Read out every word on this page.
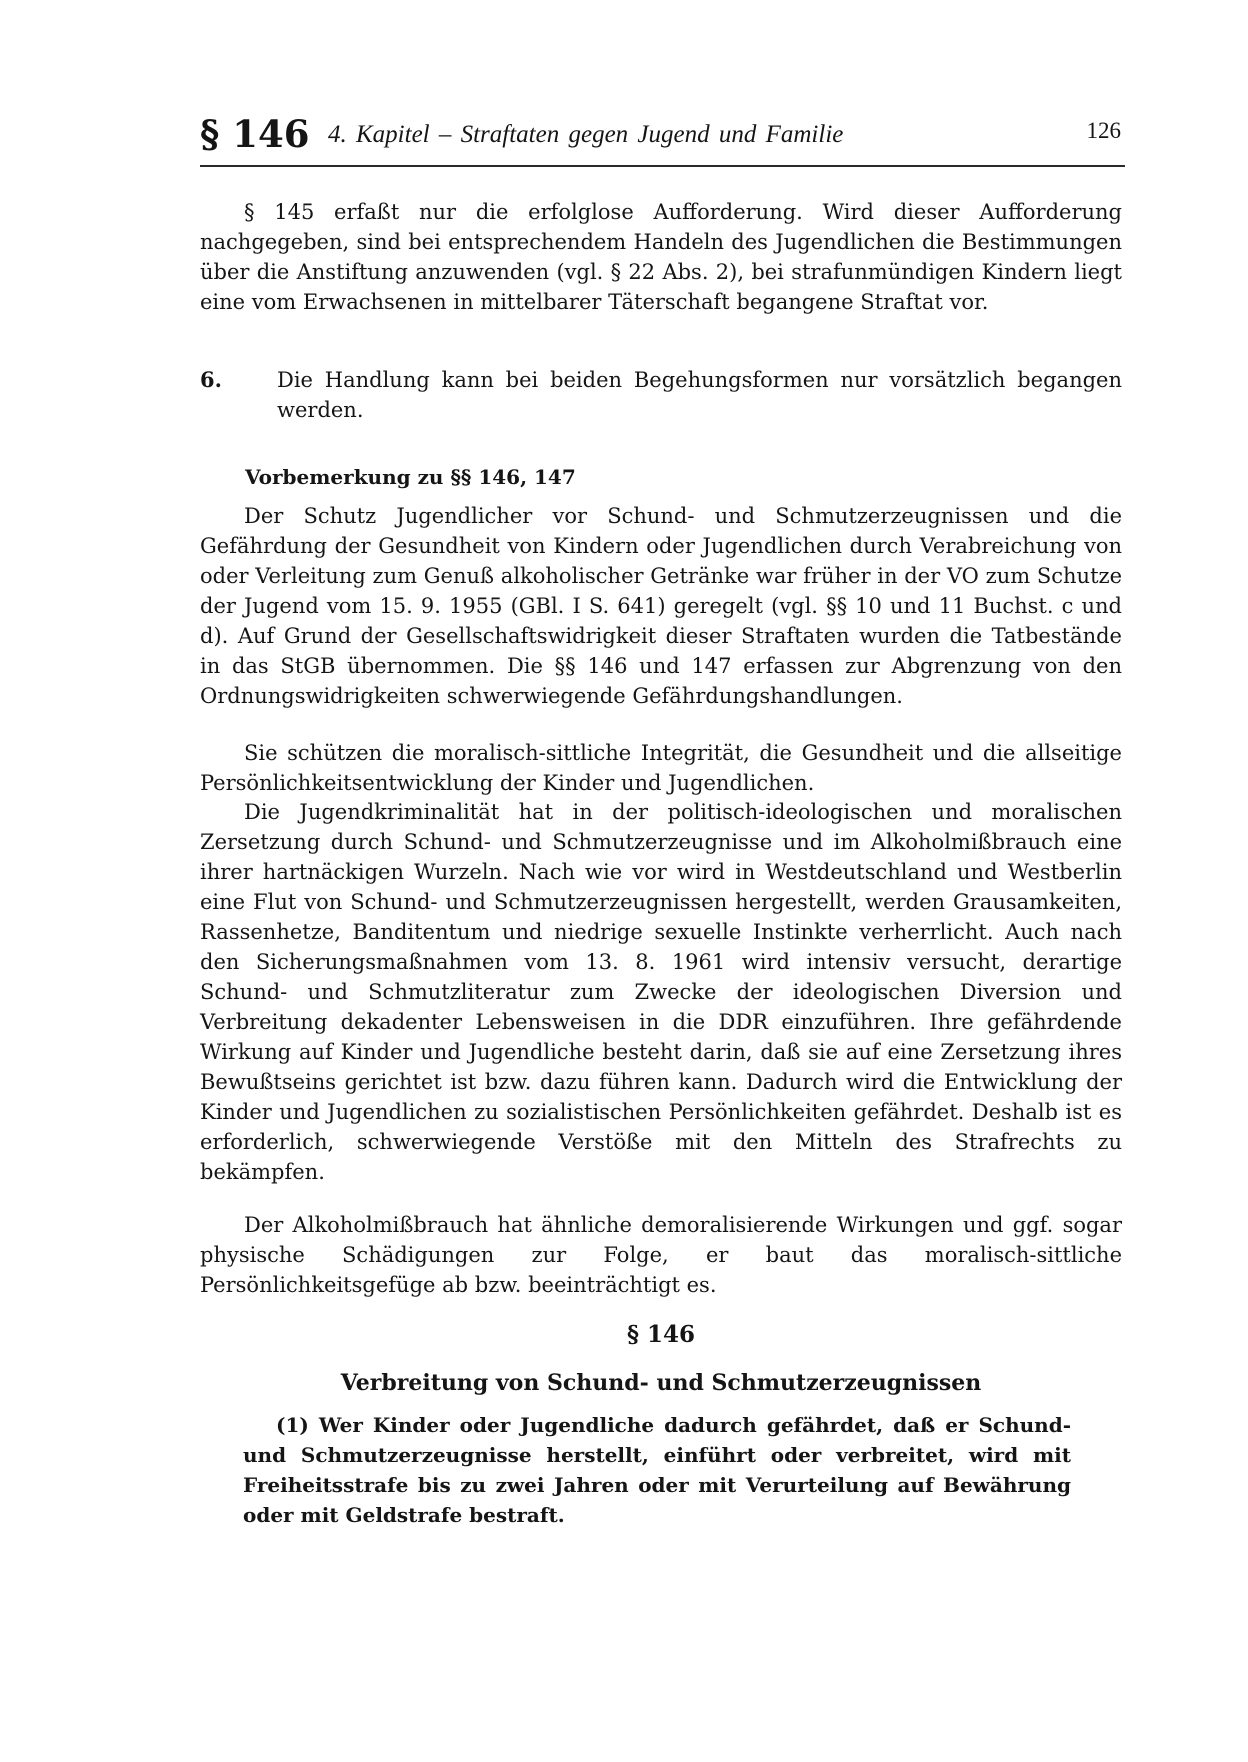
§ 146 4. Kapitel – Straftaten gegen Jugend und Familie	126

§ 145 erfaßt nur die erfolglose Aufforderung. Wird dieser Aufforderung nachgegeben, sind bei entsprechendem Handeln des Jugendlichen die Bestimmungen über die Anstiftung anzuwenden (vgl. § 22 Abs. 2), bei strafunmündigen Kindern liegt eine vom Erwachsenen in mittelbarer Täterschaft begangene Straftat vor.

6.	Die Handlung kann bei beiden Begehungsformen nur vorsätzlich begangen werden.

Vorbemerkung zu §§ 146, 147

Der Schutz Jugendlicher vor Schund- und Schmutzerzeugnissen und die Gefährdung der Gesundheit von Kindern oder Jugendlichen durch Verabreichung von oder Verleitung zum Genuß alkoholischer Getränke war früher in der VO zum Schutze der Jugend vom 15. 9. 1955 (GBl. I S. 641) geregelt (vgl. §§ 10 und 11 Buchst. c und d). Auf Grund der Gesellschaftswidrigkeit dieser Straftaten wurden die Tatbestände in das StGB übernommen. Die §§ 146 und 147 erfassen zur Abgrenzung von den Ordnungswidrigkeiten schwerwiegende Gefährdungshandlungen.

Sie schützen die moralisch-sittliche Integrität, die Gesundheit und die allseitige Persönlichkeitsentwicklung der Kinder und Jugendlichen.

Die Jugendkriminalität hat in der politisch-ideologischen und moralischen Zersetzung durch Schund- und Schmutzerzeugnisse und im Alkoholmißbrauch eine ihrer hartnäckigen Wurzeln. Nach wie vor wird in Westdeutschland und Westberlin eine Flut von Schund- und Schmutzerzeugnissen hergestellt, werden Grausamkeiten, Rassenhetze, Banditentum und niedrige sexuelle Instinkte verherrlicht. Auch nach den Sicherungsmaßnahmen vom 13. 8. 1961 wird intensiv versucht, derartige Schund- und Schmutzliteratur zum Zwecke der ideologischen Diversion und Verbreitung dekadenter Lebensweisen in die DDR einzuführen. Ihre gefährdende Wirkung auf Kinder und Jugendliche besteht darin, daß sie auf eine Zersetzung ihres Bewußtseins gerichtet ist bzw. dazu führen kann. Dadurch wird die Entwicklung der Kinder und Jugendlichen zu sozialistischen Persönlichkeiten gefährdet. Deshalb ist es erforderlich, schwerwiegende Verstöße mit den Mitteln des Strafrechts zu bekämpfen.

Der Alkoholmißbrauch hat ähnliche demoralisierende Wirkungen und ggf. sogar physische Schädigungen zur Folge, er baut das moralisch-sittliche Persönlichkeitsgefüge ab bzw. beeinträchtigt es.

§ 146

Verbreitung von Schund- und Schmutzerzeugnissen

(1) Wer Kinder oder Jugendliche dadurch gefährdet, daß er Schund- und Schmutzerzeugnisse herstellt, einführt oder verbreitet, wird mit Freiheitsstrafe bis zu zwei Jahren oder mit Verurteilung auf Bewährung oder mit Geldstrafe bestraft.
